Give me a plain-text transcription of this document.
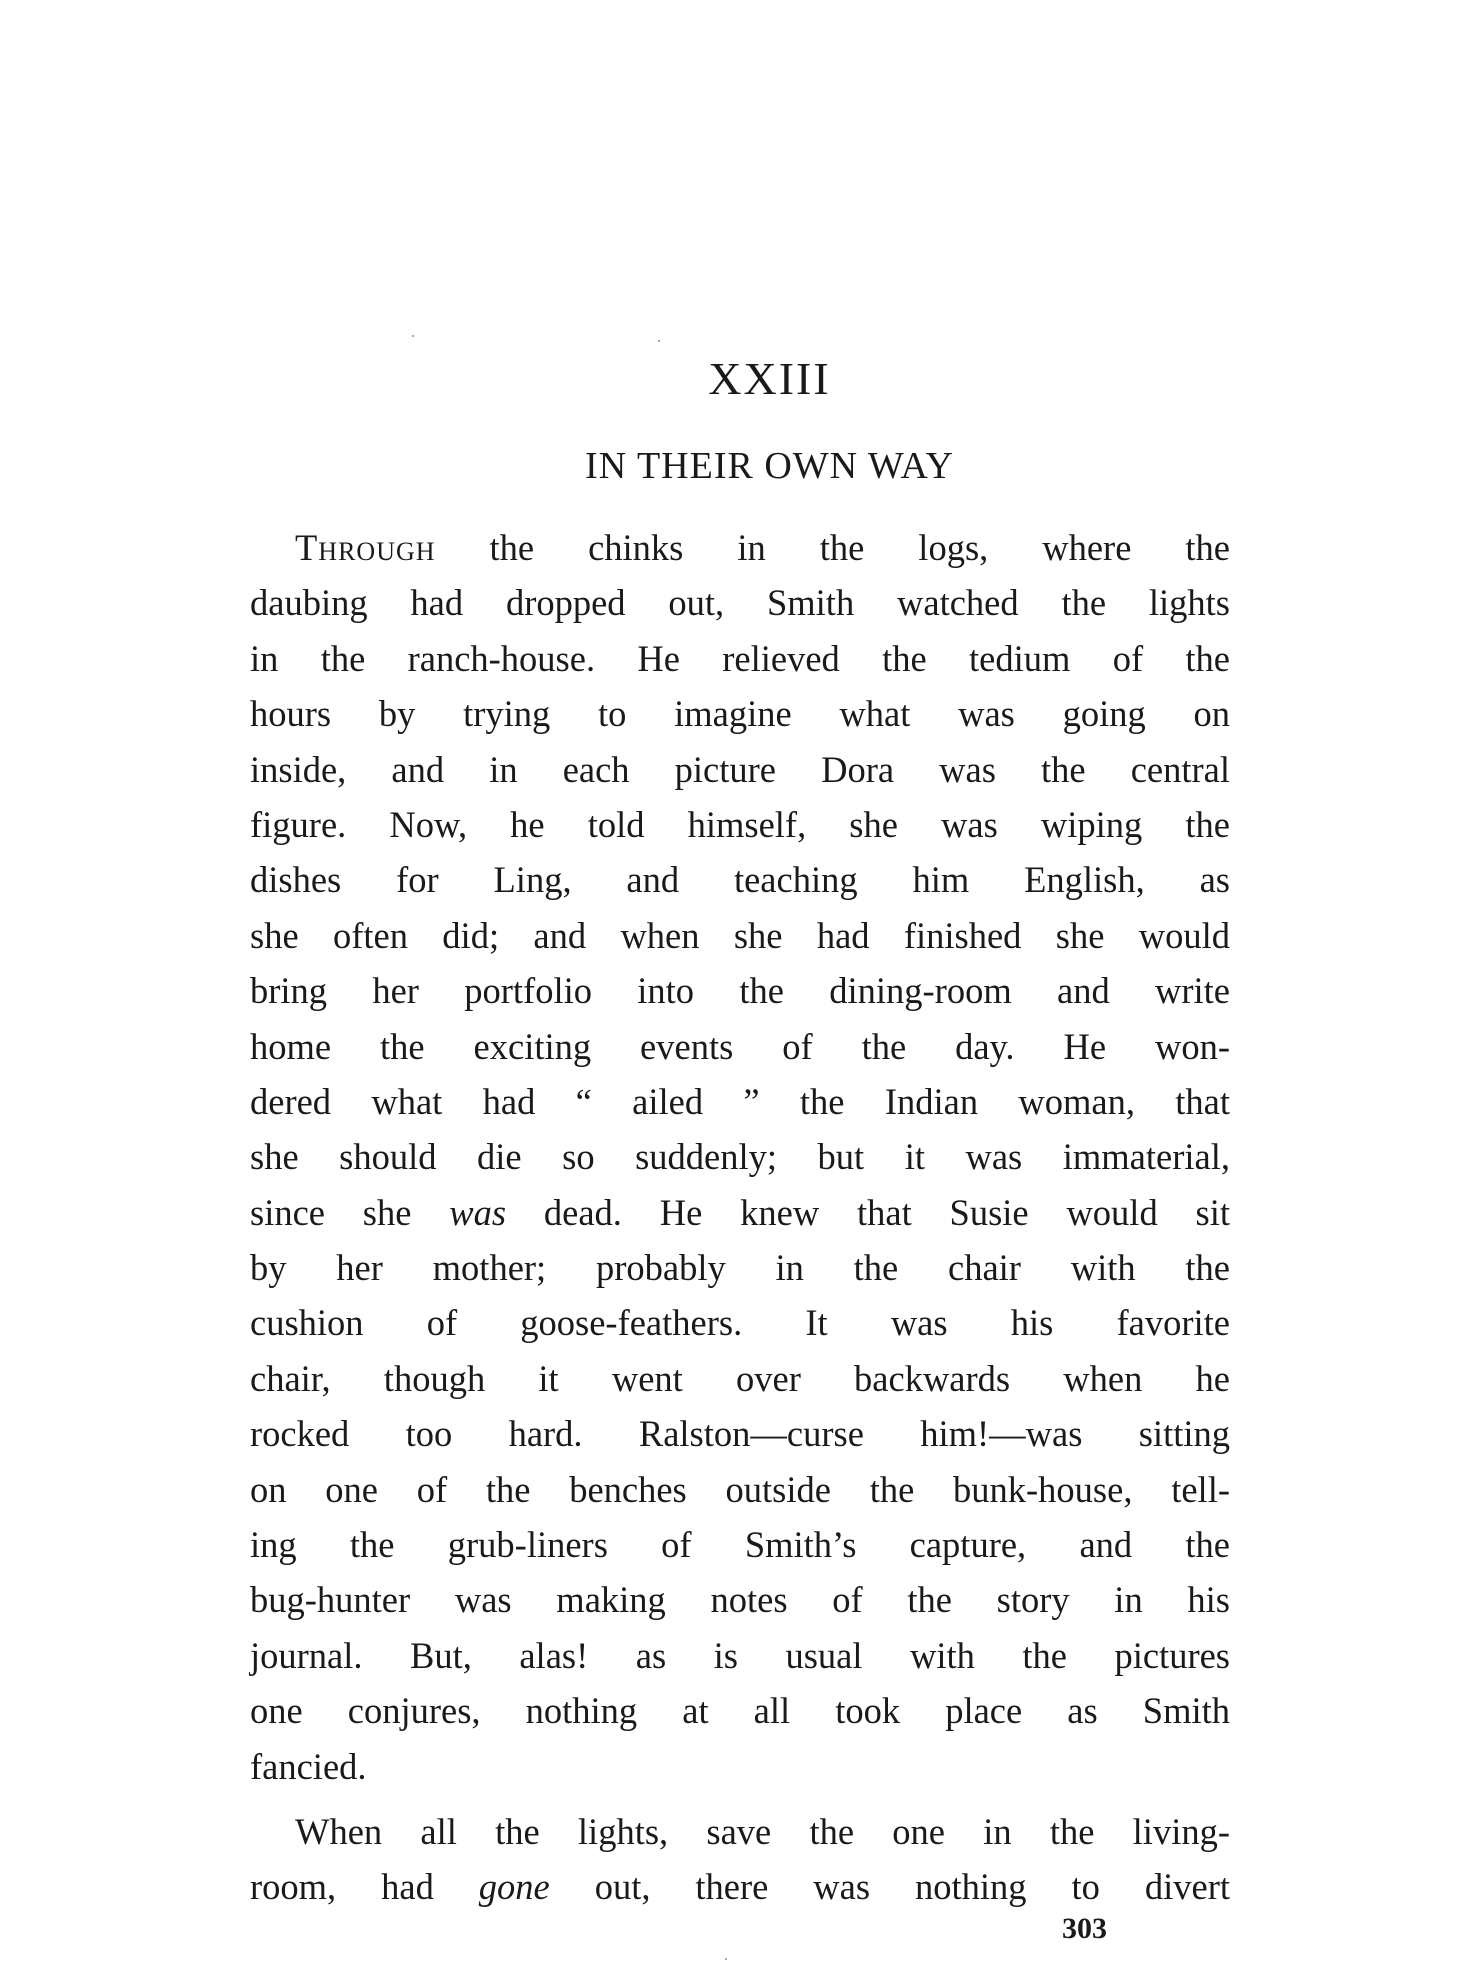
XXIII
IN THEIR OWN WAY
Through the chinks in the logs, where the
daubing had dropped out, Smith watched the lights
in the ranch-house. He relieved the tedium of the
hours by trying to imagine what was going on
inside, and in each picture Dora was the central
figure. Now, he told himself, she was wiping the
dishes for Ling, and teaching him English, as
she often did; and when she had finished she would
bring her portfolio into the dining-room and write
home the exciting events of the day. He won-
dered what had “ ailed ” the Indian woman, that
she should die so suddenly; but it was immaterial,
since she was dead. He knew that Susie would sit
by her mother; probably in the chair with the
cushion of goose-feathers. It was his favorite
chair, though it went over backwards when he
rocked too hard. Ralston—curse him!—was sitting
on one of the benches outside the bunk-house, tell-
ing the grub-liners of Smith’s capture, and the
bug-hunter was making notes of the story in his
journal. But, alas! as is usual with the pictures
one conjures, nothing at all took place as Smith
fancied.
When all the lights, save the one in the living-
room, had gone out, there was nothing to divert
303
